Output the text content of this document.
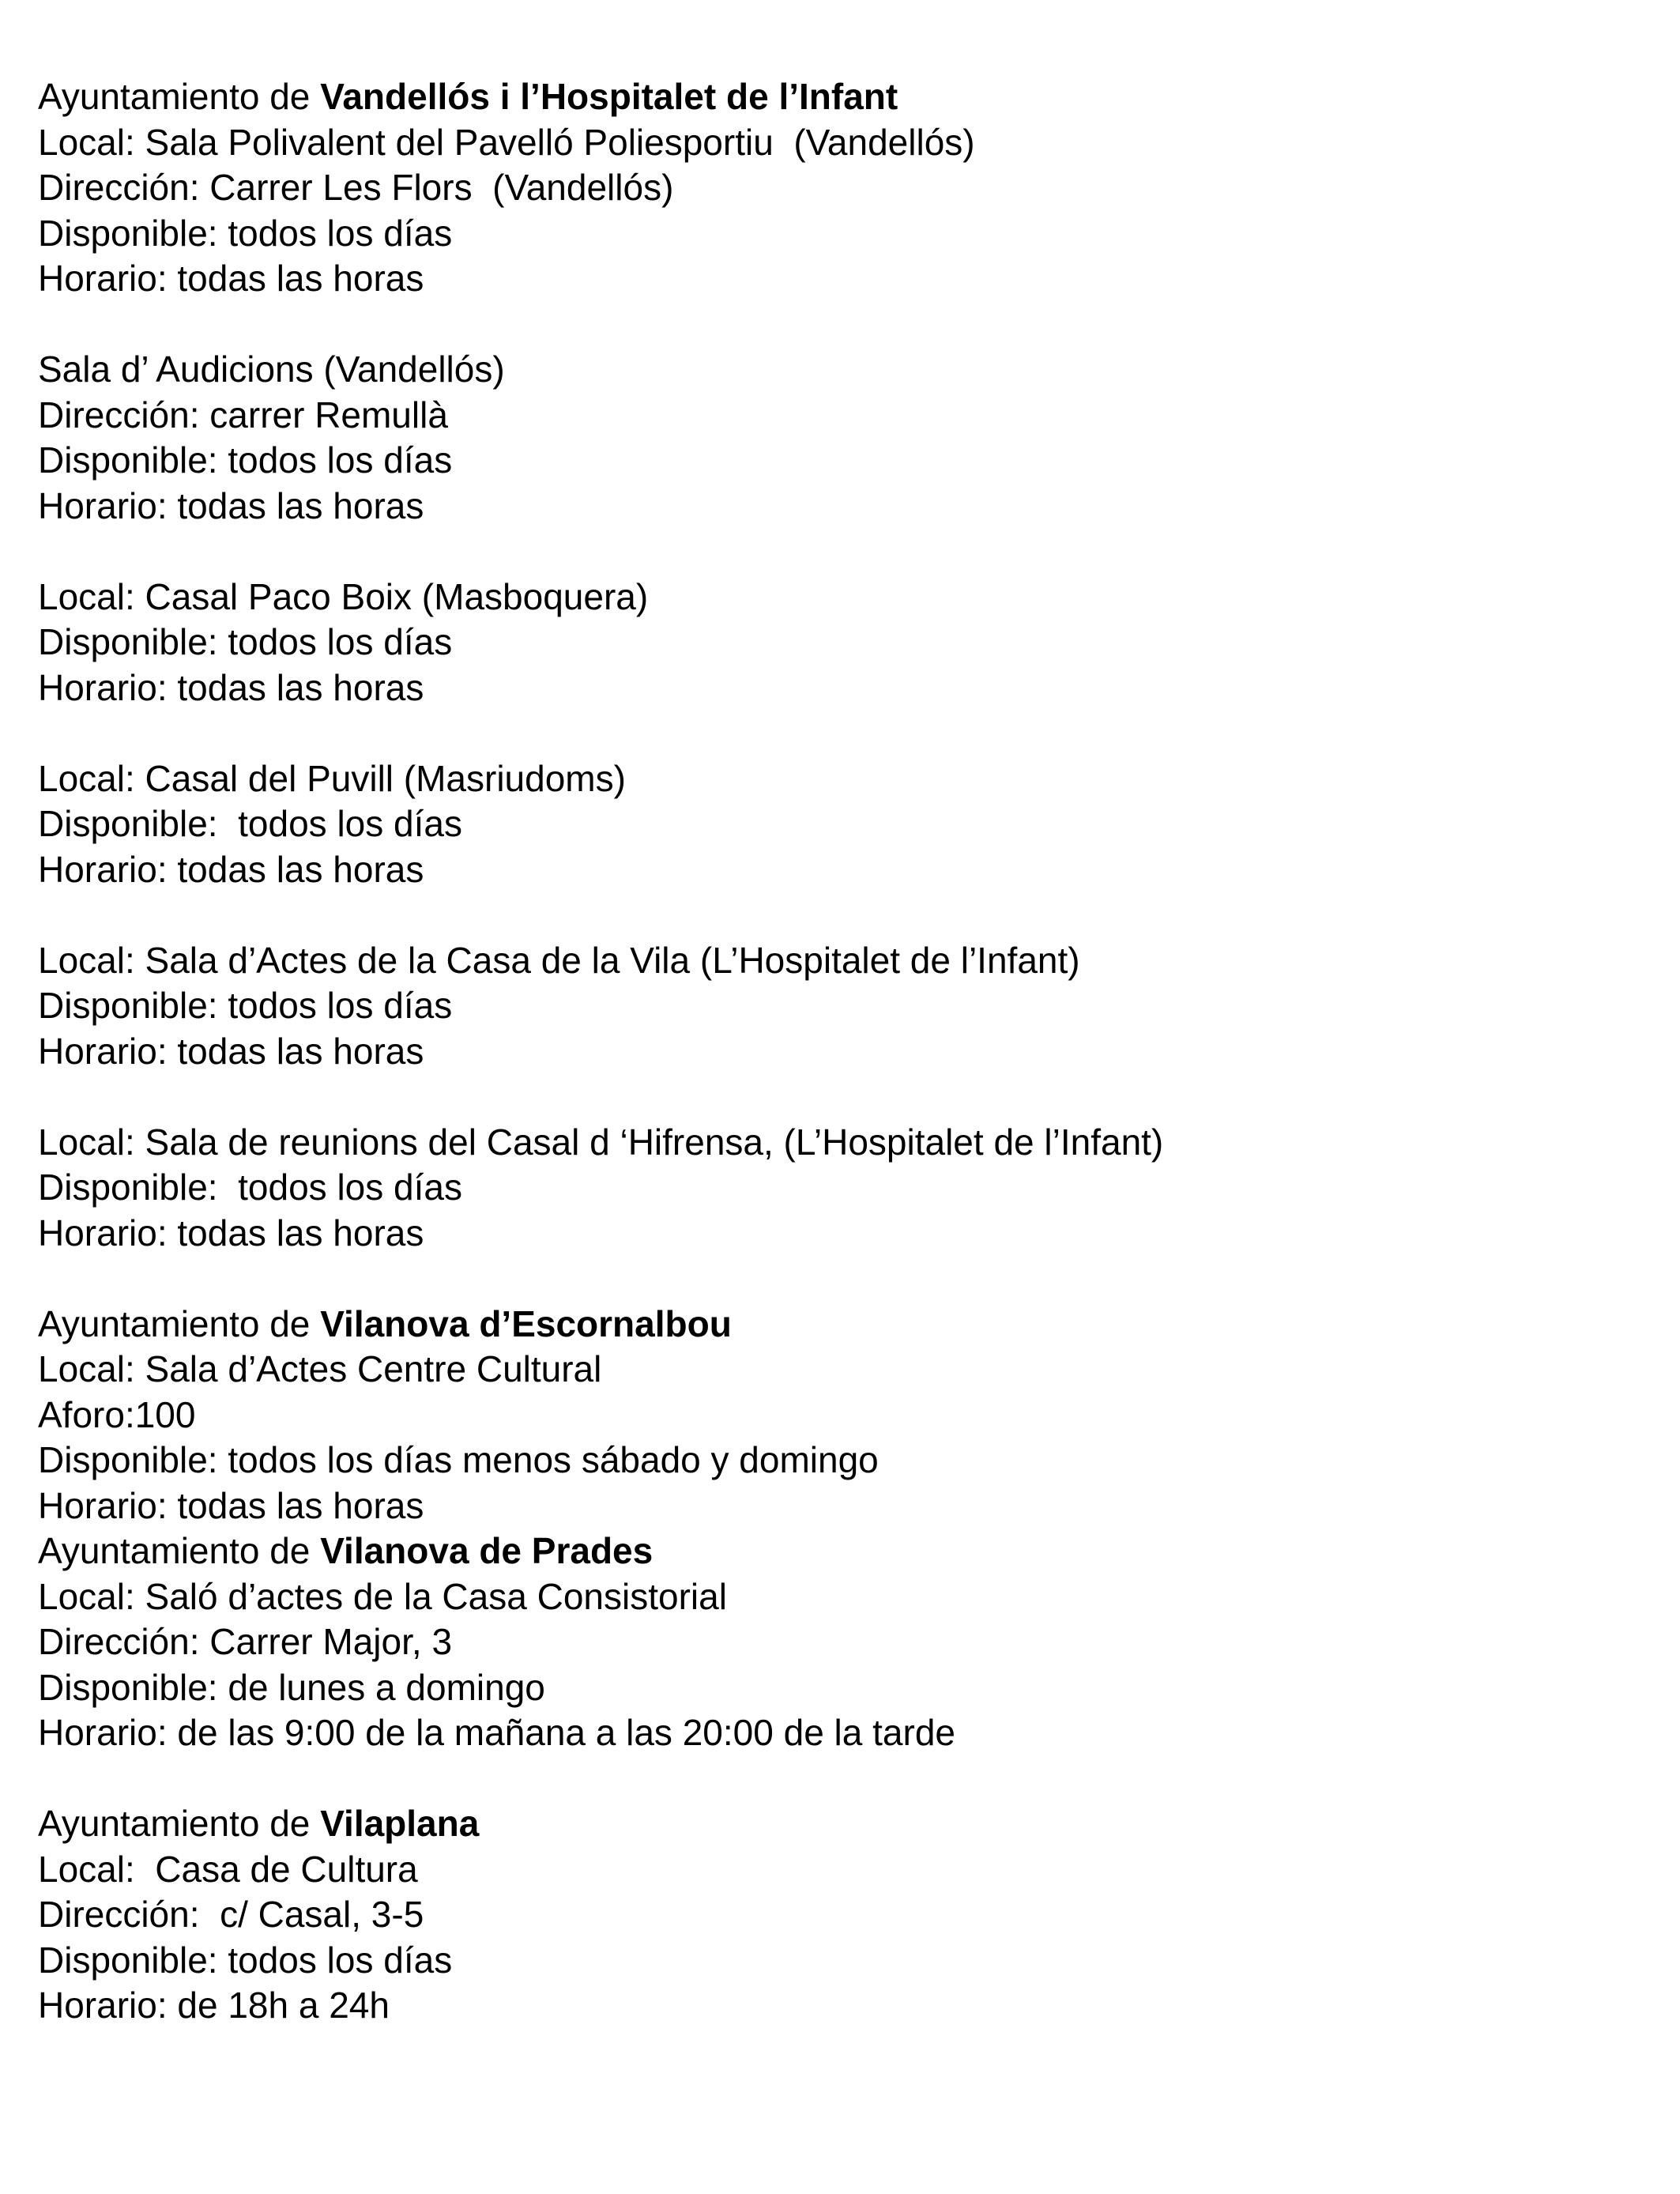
Ayuntamiento de Vandellós i l’Hospitalet de l’Infant
Local: Sala Polivalent del Pavelló Poliesportiu  (Vandellós)
Dirección: Carrer Les Flors  (Vandellós)
Disponible: todos los días
Horario: todas las horas
Sala d’ Audicions (Vandellós)
Dirección: carrer Remullà
Disponible: todos los días
Horario: todas las horas
Local: Casal Paco Boix (Masboquera)
Disponible: todos los días
Horario: todas las horas
Local: Casal del Puvill (Masriudoms)
Disponible:  todos los días
Horario: todas las horas
Local: Sala d’Actes de la Casa de la Vila (L’Hospitalet de l’Infant)
Disponible: todos los días
Horario: todas las horas
Local: Sala de reunions del Casal d ‘Hifrensa, (L’Hospitalet de l’Infant)
Disponible:  todos los días
Horario: todas las horas
Ayuntamiento de Vilanova d’Escornalbou
Local: Sala d’Actes Centre Cultural
Aforo:100
Disponible: todos los días menos sábado y domingo
Horario: todas las horas
Ayuntamiento de Vilanova de Prades
Local: Saló d’actes de la Casa Consistorial
Dirección: Carrer Major, 3
Disponible: de lunes a domingo
Horario: de las 9:00 de la mañana a las 20:00 de la tarde
Ayuntamiento de Vilaplana
Local:  Casa de Cultura
Dirección:  c/ Casal, 3-5
Disponible: todos los días
Horario: de 18h a 24h
